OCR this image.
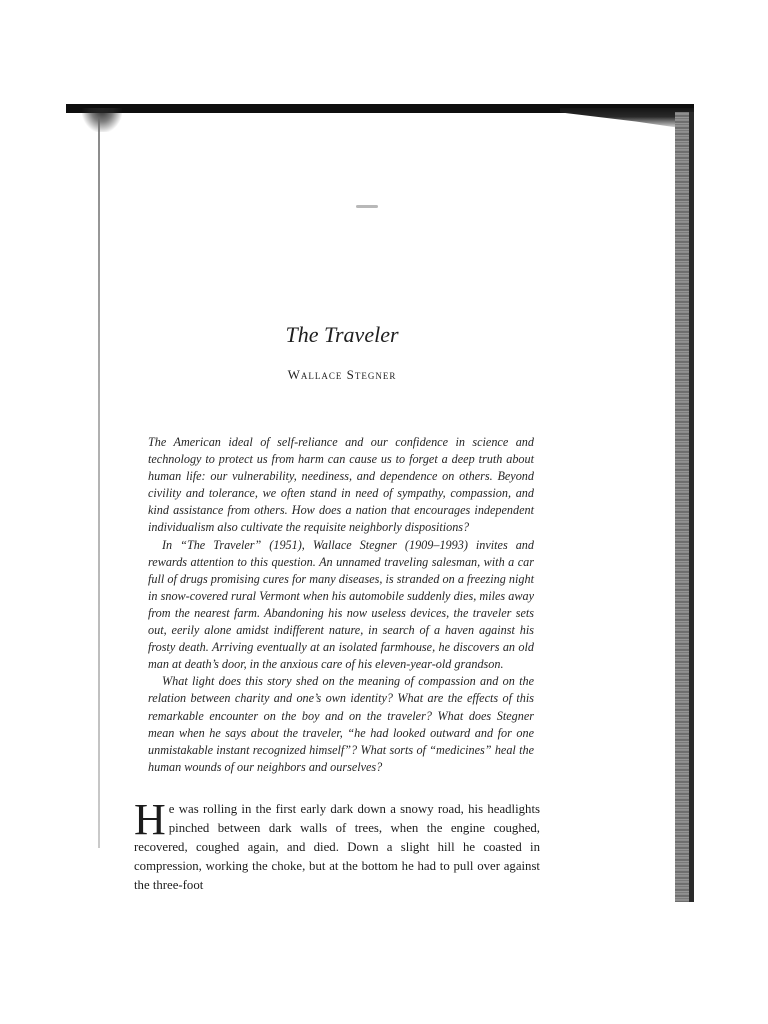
The Traveler
Wallace Stegner

The American ideal of self-reliance and our confidence in science and technology to protect us from harm can cause us to forget a deep truth about human life: our vulnerability, neediness, and dependence on others. Beyond civility and tolerance, we often stand in need of sympathy, compassion, and kind assistance from others. How does a nation that encourages independent individualism also cultivate the requisite neighborly dispositions?

In “The Traveler” (1951), Wallace Stegner (1909–1993) invites and rewards attention to this question. An unnamed traveling salesman, with a car full of drugs promising cures for many diseases, is stranded on a freezing night in snow-covered rural Vermont when his automobile suddenly dies, miles away from the nearest farm. Abandoning his now useless devices, the traveler sets out, eerily alone amidst indifferent nature, in search of a haven against his frosty death. Arriving eventually at an isolated farmhouse, he discovers an old man at death’s door, in the anxious care of his eleven-year-old grandson.

What light does this story shed on the meaning of compassion and on the relation between charity and one’s own identity? What are the effects of this remarkable encounter on the boy and on the traveler? What does Stegner mean when he says about the traveler, “he had looked outward and for one unmistakable instant recognized himself”? What sorts of “medicines” heal the human wounds of our neighbors and ourselves?

He was rolling in the first early dark down a snowy road, his headlights pinched between dark walls of trees, when the engine coughed, recovered, coughed again, and died. Down a slight hill he coasted in compression, working the choke, but at the bottom he had to pull over against the three-foot
